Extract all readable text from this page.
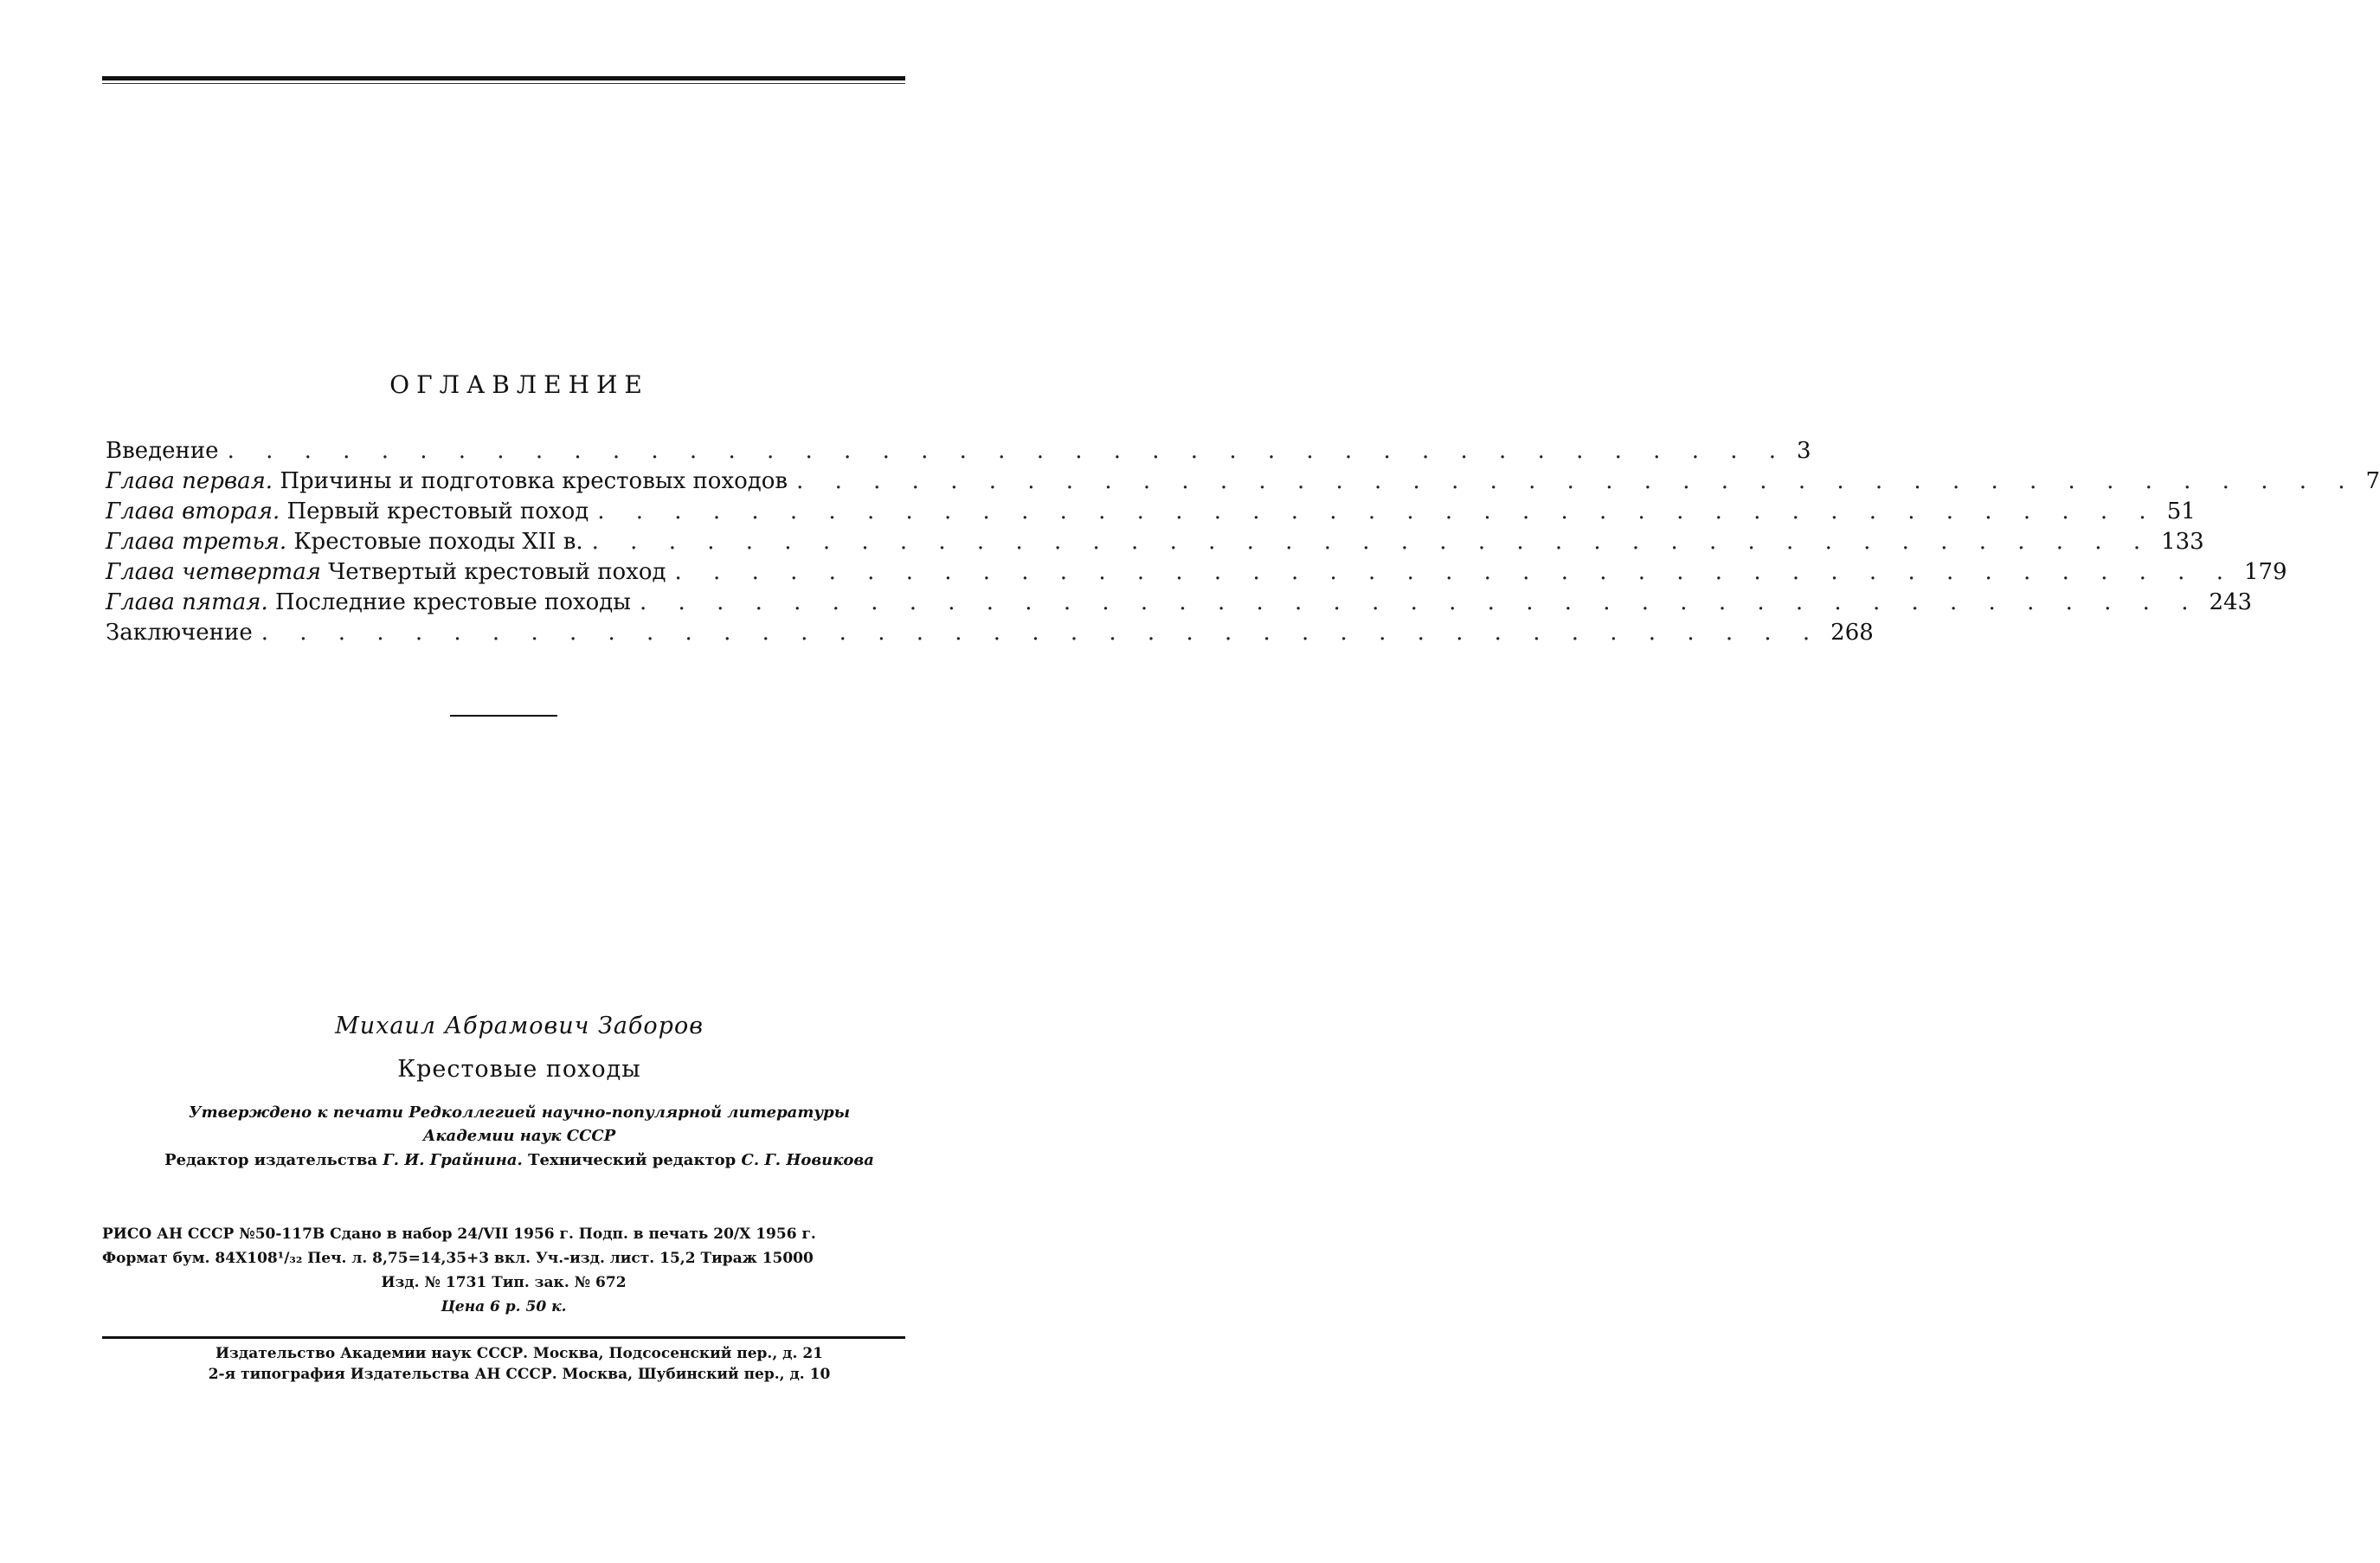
ОГЛАВЛЕНИЕ
Введение . . . . . . . . . . . . . . . . . . . . . . . . . . . . . . . . . . . . . . . . . 3
Глава первая. Причины и подготовка крестовых походов . . . . . . . . . . . . . . . . . . . . . . . . . . . . . . . . . . . . . . . . . 7
Глава вторая. Первый крестовый поход . . . . . . . . . . . . . . . . . . . . . . . . . . . . . . . . . . . . . . . . . 51
Глава третья. Крестовые походы XII в. . . . . . . . . . . . . . . . . . . . . . . . . . . . . . . . . . . . . . . . . . 133
Глава четвертая Четвертый крестовый поход . . . . . . . . . . . . . . . . . . . . . . . . . . . . . . . . . . . . . . . . . 179
Глава пятая. Последние крестовые походы . . . . . . . . . . . . . . . . . . . . . . . . . . . . . . . . . . . . . . . . . 243
Заключение . . . . . . . . . . . . . . . . . . . . . . . . . . . . . . . . . . . . . . . . . 268
Михаил Абрамович Заборов
Крестовые походы
Утверждено к печати Редколлегией научно-популярной литературы
Академии наук СССР
Редактор издательства Г. И. Грайнина. Технический редактор С. Г. Новикова
РИСО АН СССР №50-117В Сдано в набор 24/VII 1956 г. Подп. в печать 20/X 1956 г.
Формат бум. 84X108¹/₃₂ Печ. л. 8,75=14,35+3 вкл. Уч.-изд. лист. 15,2 Тираж 15000
Изд. № 1731 Тип. зак. № 672
Цена 6 р. 50 к.
Издательство Академии наук СССР. Москва, Подсосенский пер., д. 21
2-я типография Издательства АН СССР. Москва, Шубинский пер., д. 10
